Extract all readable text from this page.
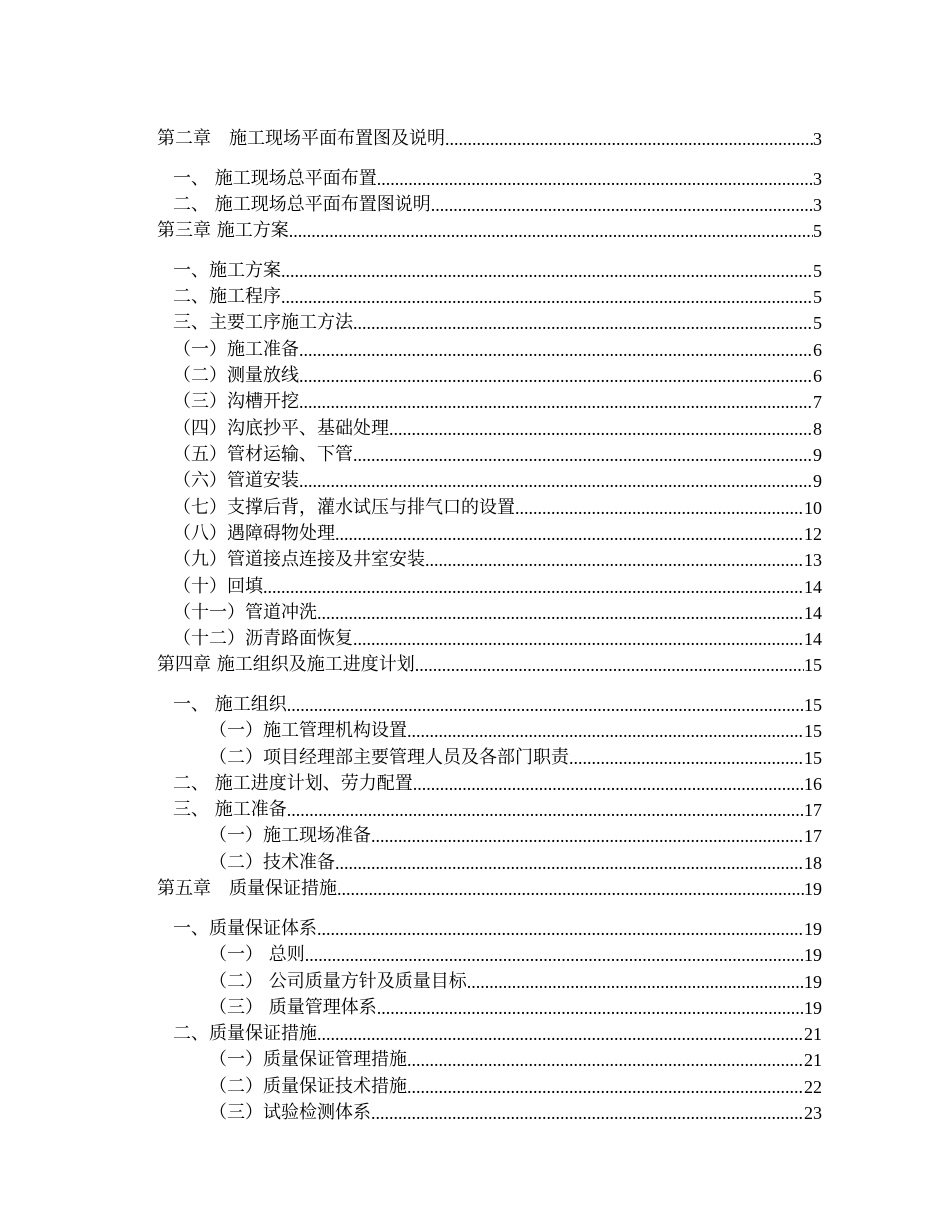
第二章　施工现场平面布置图及说明 .....	3
一、 施工现场总平面布置 .....	3
二、 施工现场总平面布置图说明 .....	3
第三章 施工方案 .....	5
一、施工方案 .....	5
二、施工程序 .....	5
三、主要工序施工方法 .....	5
（一）施工准备 .....	6
（二）测量放线 .....	6
（三）沟槽开挖 .....	7
（四）沟底抄平、基础处理 .....	8
（五）管材运输、下管 .....	9
（六）管道安装 .....	9
（七）支撑后背，灌水试压与排气口的设置 .....	10
（八）遇障碍物处理 .....	12
（九）管道接点连接及井室安装 .....	13
（十）回填 .....	14
（十一）管道冲洗 .....	14
（十二）沥青路面恢复 .....	14
第四章 施工组织及施工进度计划 .....	15
一、 施工组织 .....	15
（一）施工管理机构设置 .....	15
（二）项目经理部主要管理人员及各部门职责 .....	15
二、 施工进度计划、劳力配置 .....	16
三、 施工准备 .....	17
（一）施工现场准备 .....	17
（二）技术准备 .....	18
第五章　质量保证措施 .....	19
一、质量保证体系 .....	19
（一） 总则 .....	19
（二） 公司质量方针及质量目标 .....	19
（三） 质量管理体系 .....	19
二、质量保证措施 .....	21
（一）质量保证管理措施 .....	21
（二）质量保证技术措施 .....	22
（三）试验检测体系 .....	23
